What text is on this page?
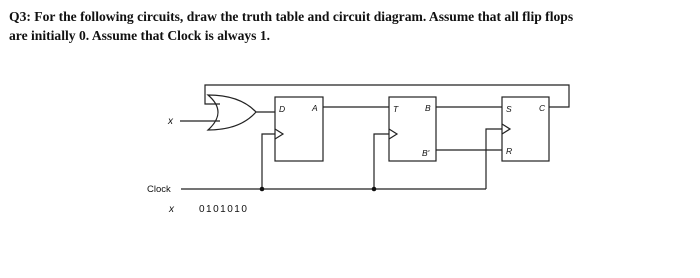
Q3: For the following circuits, draw the truth table and circuit diagram. Assume that all flip flops
are initially 0. Assume that Clock is always 1.
x
D	A	T	B
B'
S	C
R
Clock
x	0101010
